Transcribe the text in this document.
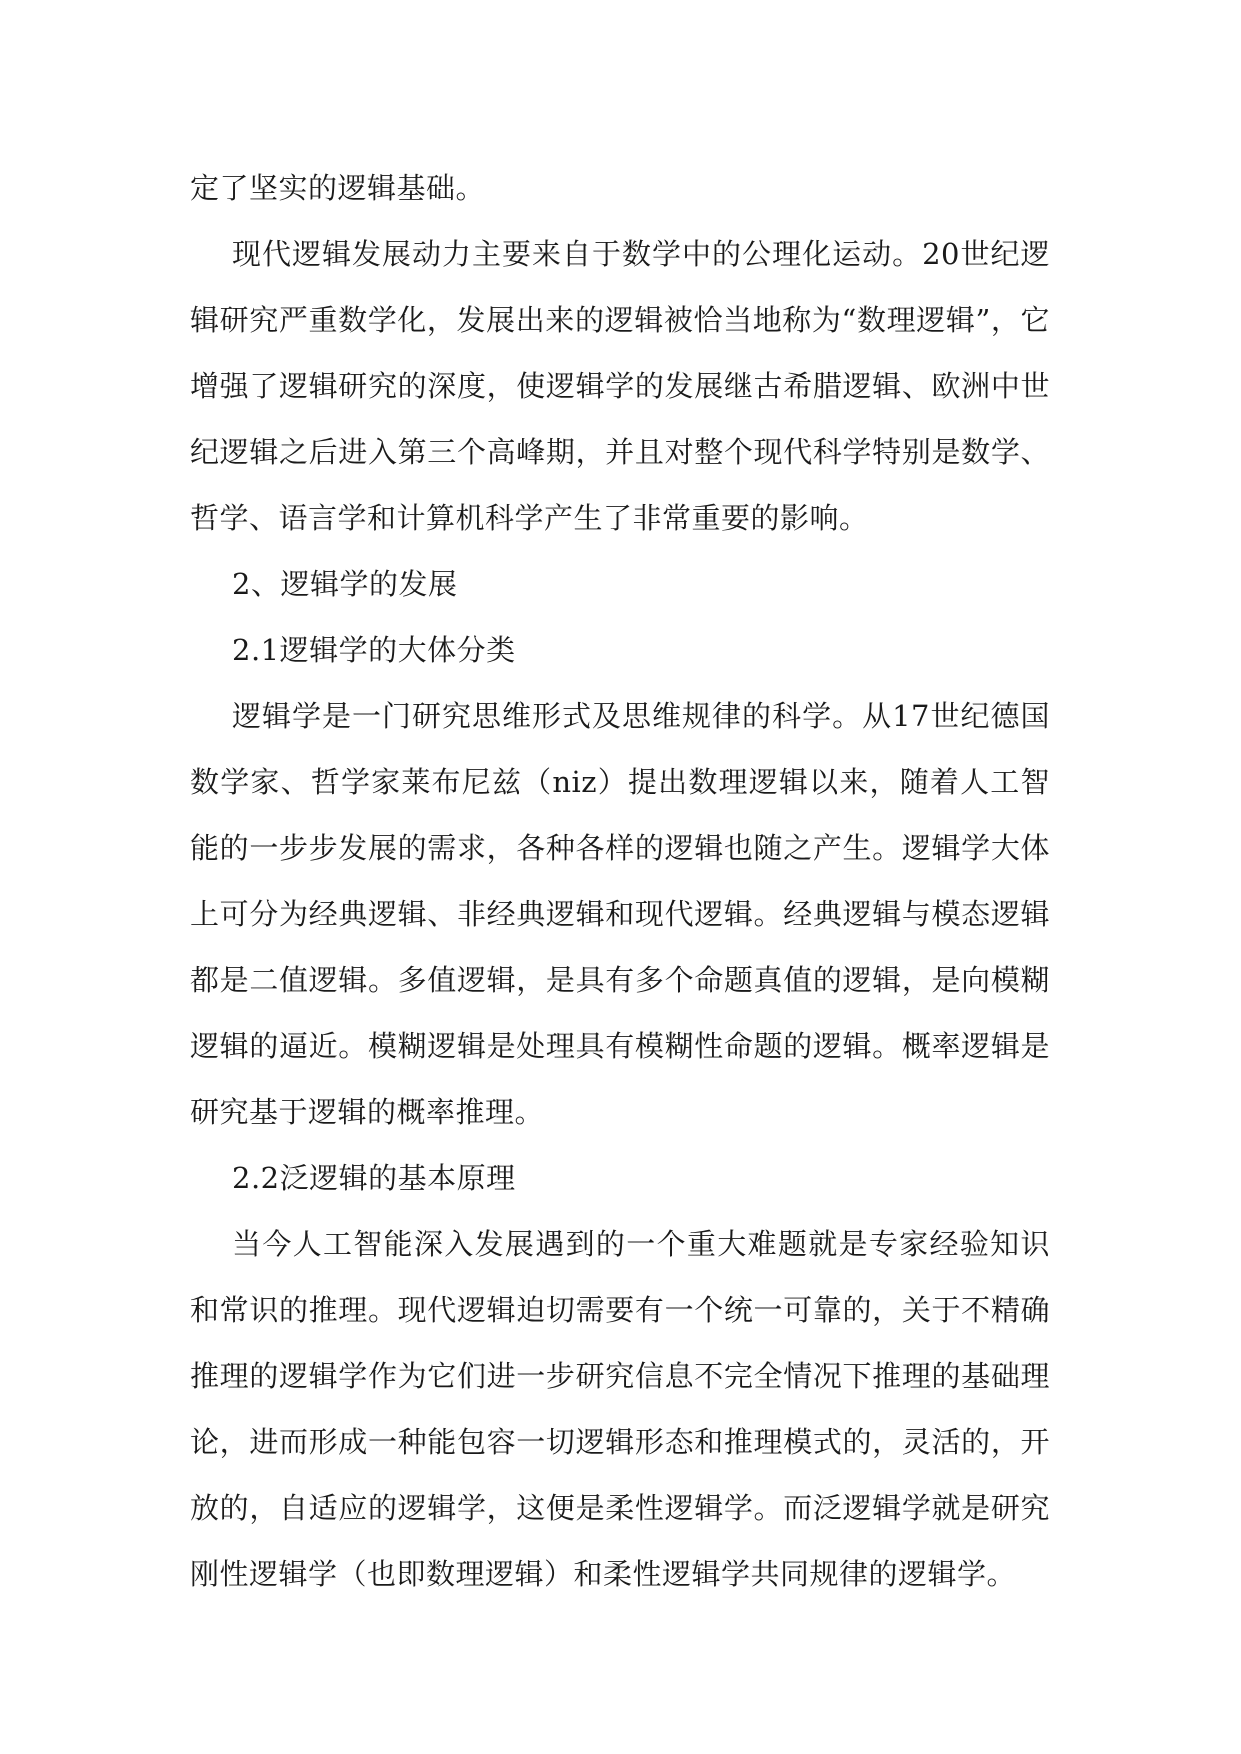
定了坚实的逻辑基础。

现代逻辑发展动力主要来自于数学中的公理化运动。20世纪逻辑研究严重数学化，发展出来的逻辑被恰当地称为“数理逻辑”，它增强了逻辑研究的深度，使逻辑学的发展继古希腊逻辑、欧洲中世纪逻辑之后进入第三个高峰期，并且对整个现代科学特别是数学、哲学、语言学和计算机科学产生了非常重要的影响。

2、逻辑学的发展

2.1逻辑学的大体分类

逻辑学是一门研究思维形式及思维规律的科学。从17世纪德国数学家、哲学家莱布尼兹（niz）提出数理逻辑以来，随着人工智能的一步步发展的需求，各种各样的逻辑也随之产生。逻辑学大体上可分为经典逻辑、非经典逻辑和现代逻辑。经典逻辑与模态逻辑都是二值逻辑。多值逻辑，是具有多个命题真值的逻辑，是向模糊逻辑的逼近。模糊逻辑是处理具有模糊性命题的逻辑。概率逻辑是研究基于逻辑的概率推理。

2.2泛逻辑的基本原理

当今人工智能深入发展遇到的一个重大难题就是专家经验知识和常识的推理。现代逻辑迫切需要有一个统一可靠的，关于不精确推理的逻辑学作为它们进一步研究信息不完全情况下推理的基础理论，进而形成一种能包容一切逻辑形态和推理模式的，灵活的，开放的，自适应的逻辑学，这便是柔性逻辑学。而泛逻辑学就是研究刚性逻辑学（也即数理逻辑）和柔性逻辑学共同规律的逻辑学。
